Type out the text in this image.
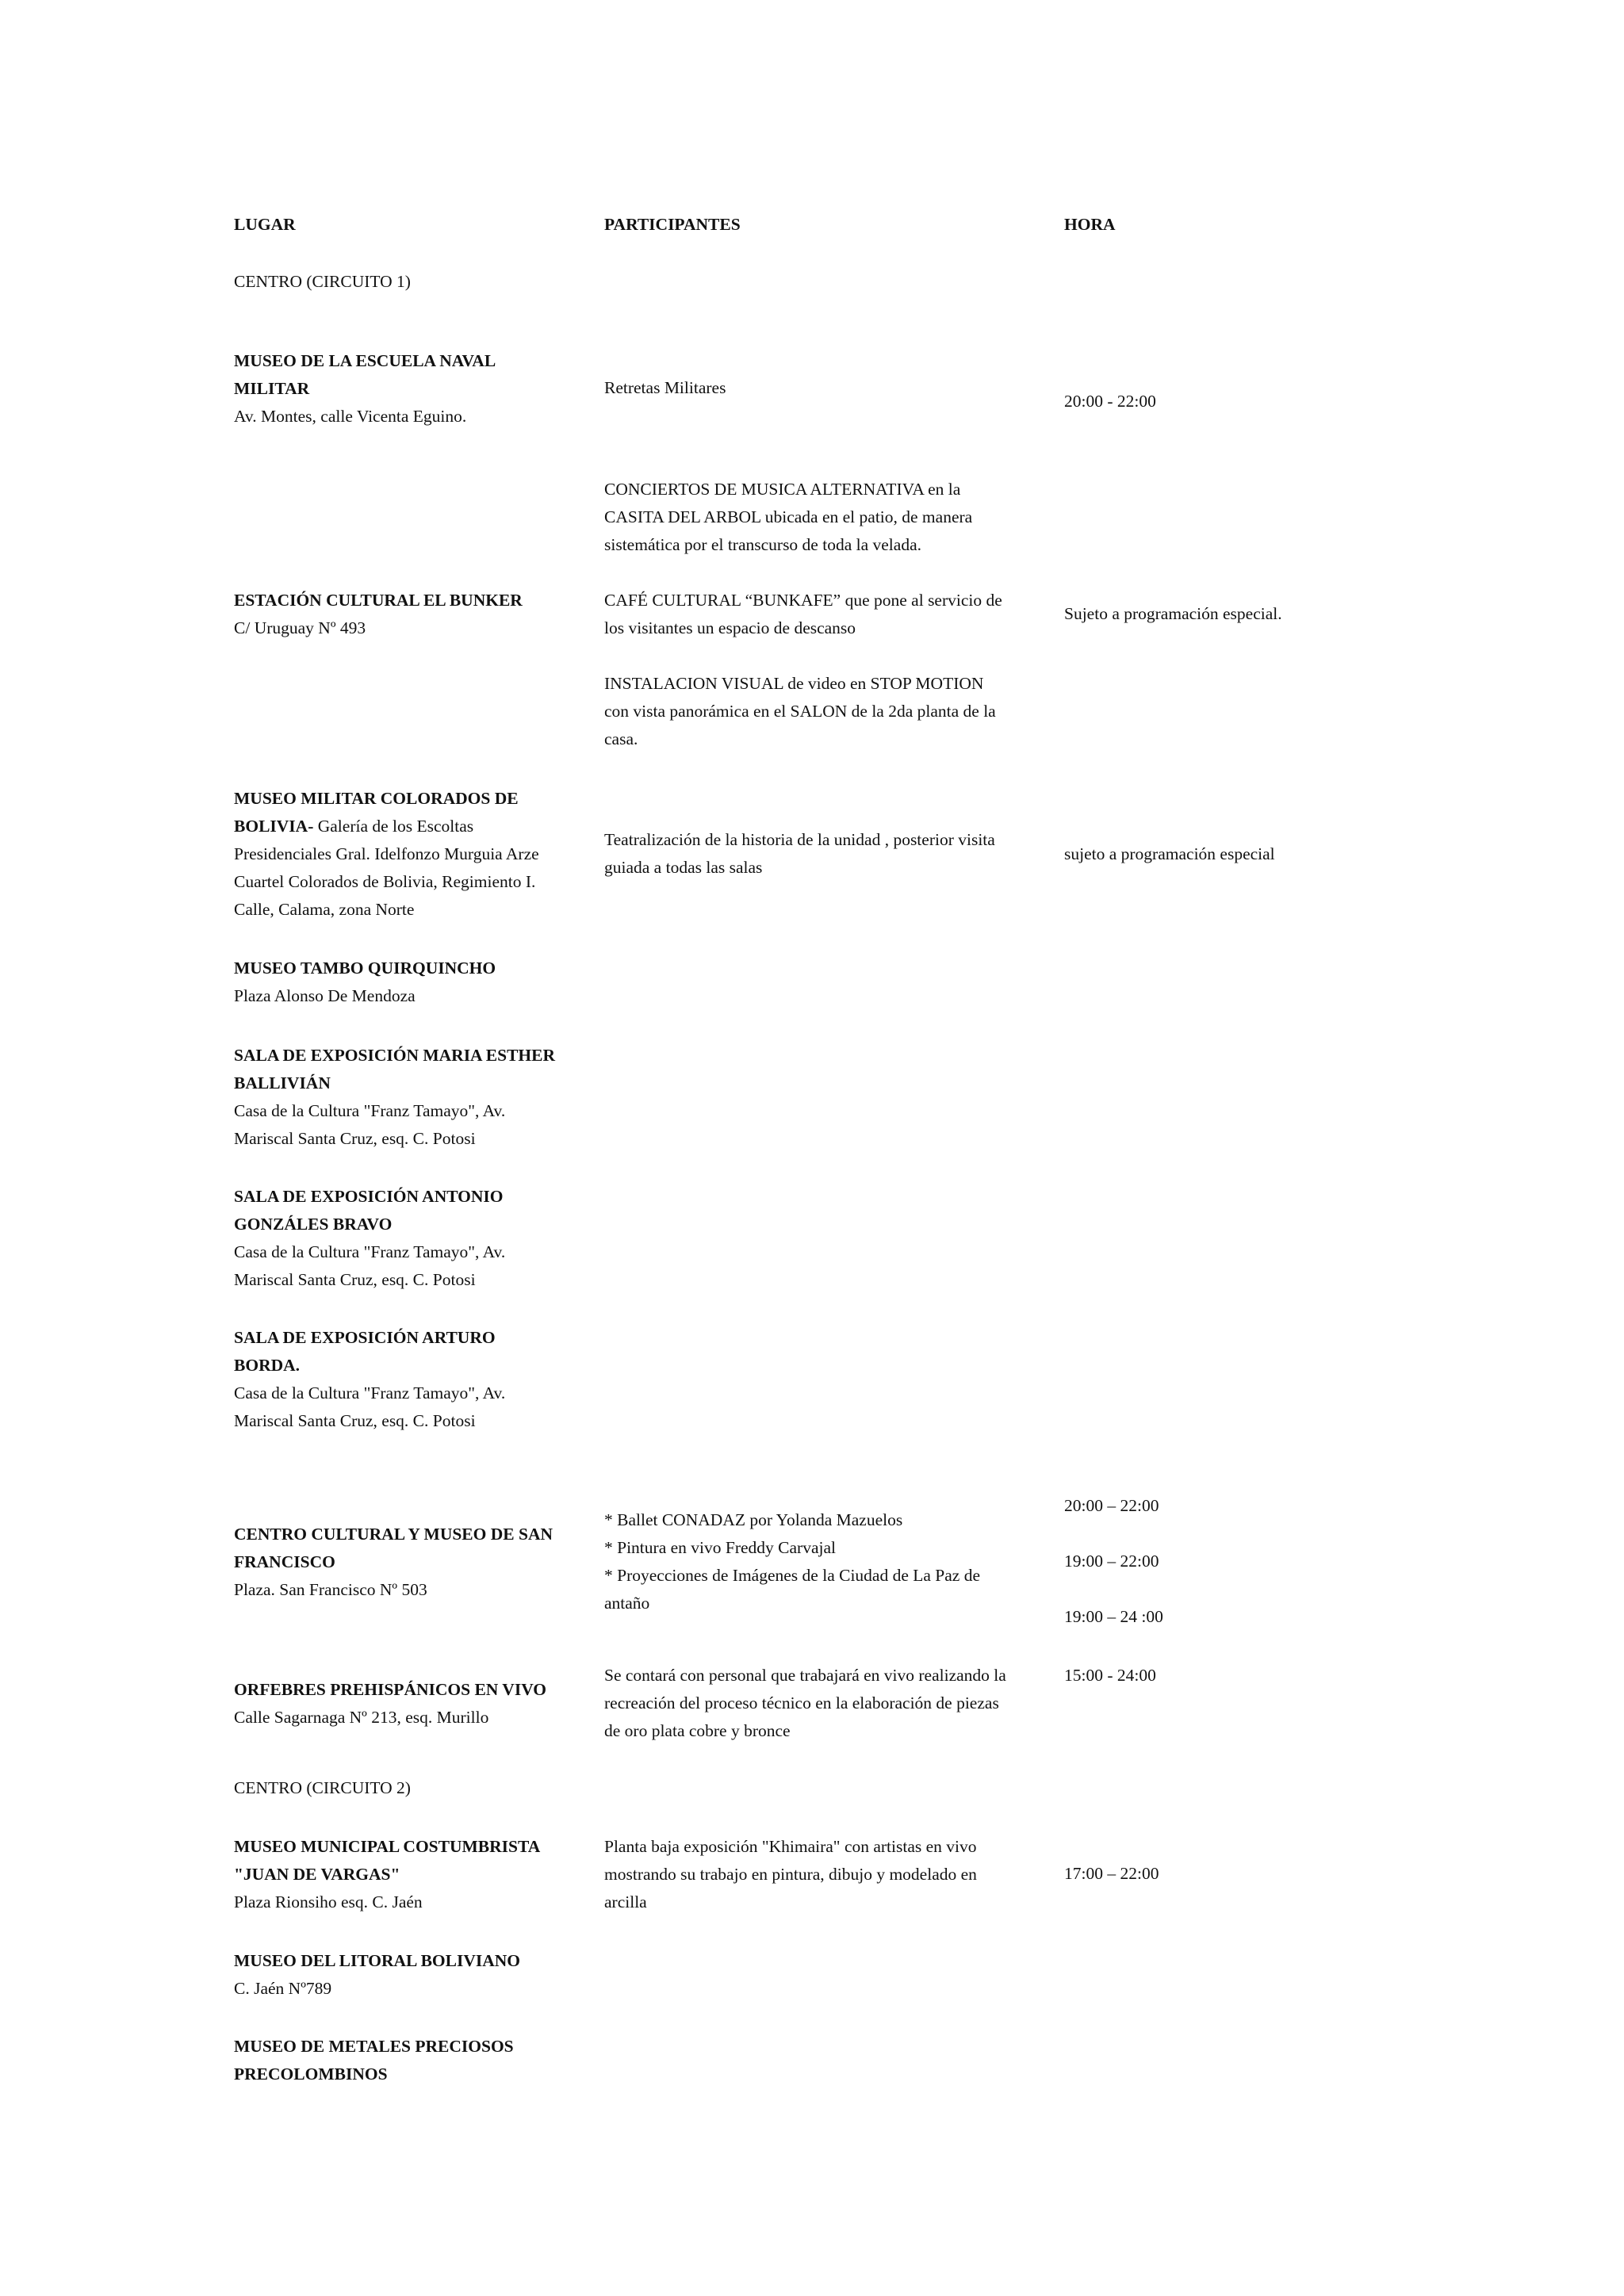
LUGAR	PARTICIPANTES	HORA
CENTRO (CIRCUITO 1)
MUSEO DE LA ESCUELA NAVAL
MILITAR
Av. Montes, calle Vicenta Eguino.
Retretas Militares
20:00 - 22:00
CONCIERTOS DE MUSICA ALTERNATIVA en la
CASITA DEL ARBOL ubicada en el patio, de manera
sistemática por el transcurso de toda la velada.
ESTACIÓN CULTURAL EL BUNKER
C/ Uruguay Nº 493
CAFÉ CULTURAL “BUNKAFE” que pone al servicio de
los visitantes un espacio de descanso
Sujeto a programación especial.
INSTALACION VISUAL de video en STOP MOTION
con vista panorámica en el SALON de la 2da planta de la
casa.
MUSEO MILITAR COLORADOS DE
BOLIVIA- Galería de los Escoltas
Presidenciales Gral. Idelfonzo Murguia Arze
Cuartel Colorados de Bolivia, Regimiento I.
Calle, Calama, zona Norte
Teatralización de la historia de la unidad , posterior visita
guiada a todas las salas
sujeto a programación especial
MUSEO TAMBO QUIRQUINCHO
Plaza Alonso De Mendoza
SALA DE EXPOSICIÓN MARIA ESTHER
BALLIVIÁN
Casa de la Cultura "Franz Tamayo", Av.
Mariscal Santa Cruz, esq. C. Potosi
SALA DE EXPOSICIÓN ANTONIO
GONZÁLES BRAVO
Casa de la Cultura "Franz Tamayo", Av.
Mariscal Santa Cruz, esq. C. Potosi
SALA DE EXPOSICIÓN ARTURO
BORDA.
Casa de la Cultura "Franz Tamayo", Av.
Mariscal Santa Cruz, esq. C. Potosi
20:00 – 22:00
CENTRO CULTURAL Y MUSEO DE SAN
FRANCISCO
Plaza. San Francisco Nº 503
* Ballet CONADAZ por Yolanda Mazuelos
* Pintura en vivo Freddy Carvajal
* Proyecciones de Imágenes de la Ciudad de La Paz de
antaño
19:00 – 22:00
19:00 – 24 :00
15:00 - 24:00
Se contará con personal que trabajará en vivo realizando la
recreación del proceso técnico en la elaboración de piezas
de oro plata cobre y bronce
ORFEBRES PREHISPÁNICOS EN VIVO
Calle Sagarnaga Nº 213, esq. Murillo
CENTRO (CIRCUITO 2)
MUSEO MUNICIPAL COSTUMBRISTA
"JUAN DE VARGAS"
Plaza Rionsiho esq. C. Jaén
Planta baja exposición "Khimaira" con artistas en vivo
mostrando su trabajo en pintura, dibujo y modelado en
arcilla
17:00 – 22:00
MUSEO DEL LITORAL BOLIVIANO
C. Jaén Nº789
MUSEO DE METALES PRECIOSOS
PRECOLOMBINOS
